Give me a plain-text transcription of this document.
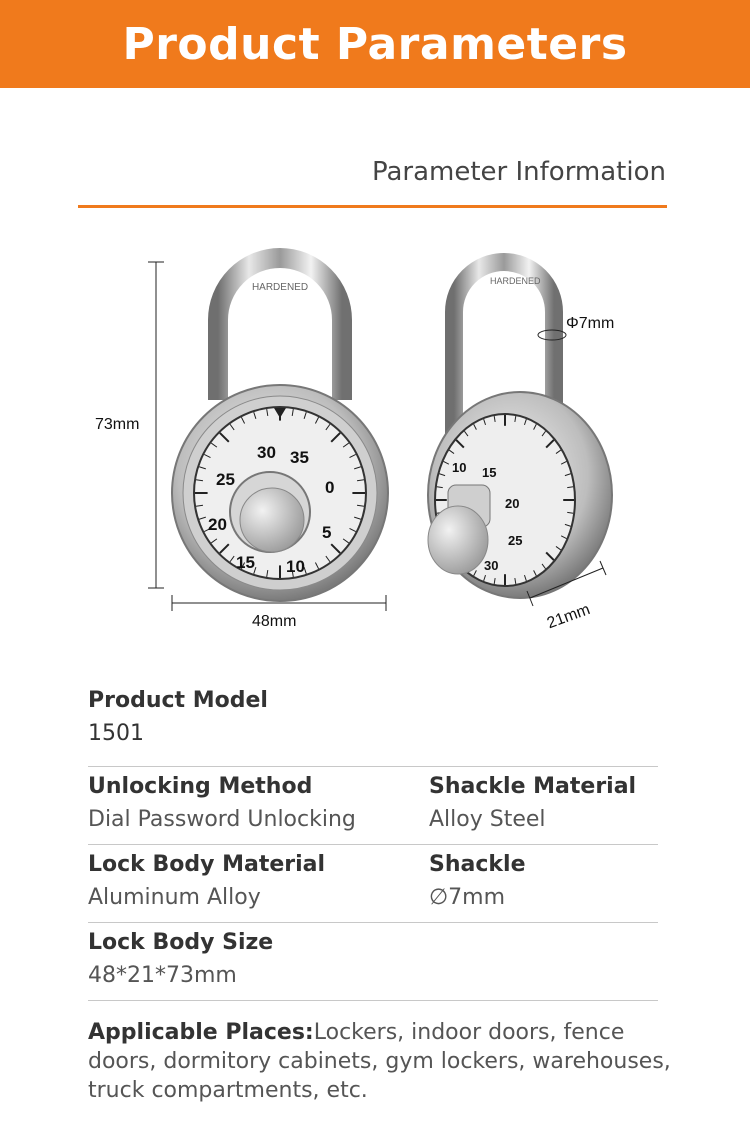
Product Parameters
Parameter Information
HARDENED
30 35
0
5
25
20
15 10
73mm
48mm
HARDENED
Φ7mm
10 15
20
25
30
21mm
Product Model
1501
Unlocking Method
Dial Password Unlocking
Shackle Material
Alloy Steel
Lock Body Material
Aluminum Alloy
Shackle
∅7mm
Lock Body Size
48*21*73mm
Applicable Places:Lockers, indoor doors, fence doors, dormitory cabinets, gym lockers, warehouses, truck compartments, etc.
